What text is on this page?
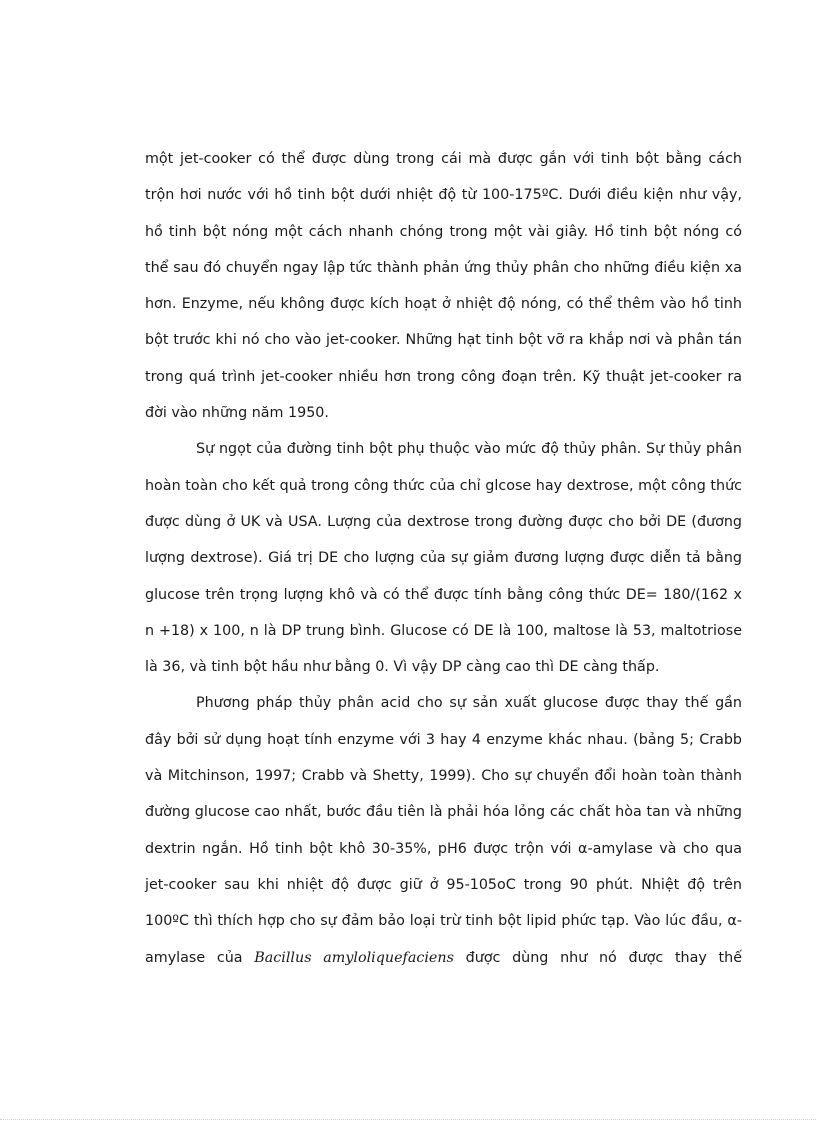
một jet-cooker có thể được dùng trong cái mà được gắn với tinh bột bằng cách trộn hơi nước với hồ tinh bột dưới nhiệt độ từ 100-175ºC. Dưới điều kiện như vậy, hồ tinh bột nóng một cách nhanh chóng trong một vài giây. Hồ tinh bột nóng có thể sau đó chuyển ngay lập tức thành phản ứng thủy phân cho những điều kiện xa hơn. Enzyme, nếu không được kích hoạt ở nhiệt độ nóng, có thể thêm vào hồ tinh bột trước khi nó cho vào jet-cooker. Những hạt tinh bột vỡ ra khắp nơi và phân tán trong quá trình jet-cooker nhiều hơn trong công đoạn trên. Kỹ thuật jet-cooker ra đời vào những năm 1950.

Sự ngọt của đường tinh bột phụ thuộc vào mức độ thủy phân. Sự thủy phân hoàn toàn cho kết quả trong công thức của chỉ glcose hay dextrose, một công thức được dùng ở UK và USA. Lượng của dextrose trong đường được cho bởi DE (đương lượng dextrose). Giá trị DE cho lượng của sự giảm đương lượng được diễn tả bằng glucose trên trọng lượng khô và có thể được tính bằng công thức DE= 180/(162 x n +18) x 100, n là DP trung bình. Glucose có DE là 100, maltose là 53, maltotriose là 36, và tinh bột hầu như bằng 0. Vì vậy DP càng cao thì DE càng thấp.

Phương pháp thủy phân acid cho sự sản xuất glucose được thay thế gần đây bởi sử dụng hoạt tính enzyme với 3 hay 4 enzyme khác nhau. (bảng 5; Crabb và Mitchinson, 1997; Crabb và Shetty, 1999). Cho sự chuyển đổi hoàn toàn thành đường glucose cao nhất, bước đầu tiên là phải hóa lỏng các chất hòa tan và những dextrin ngắn. Hồ tinh bột khô 30-35%, pH6 được trộn với α-amylase và cho qua jet-cooker sau khi nhiệt độ được giữ ở 95-105oC trong 90 phút. Nhiệt độ trên 100ºC thì thích hợp cho sự đảm bảo loại trừ tinh bột lipid phức tạp. Vào lúc đầu, α-amylase của Bacillus amyloliquefaciens được dùng như nó được thay thế
